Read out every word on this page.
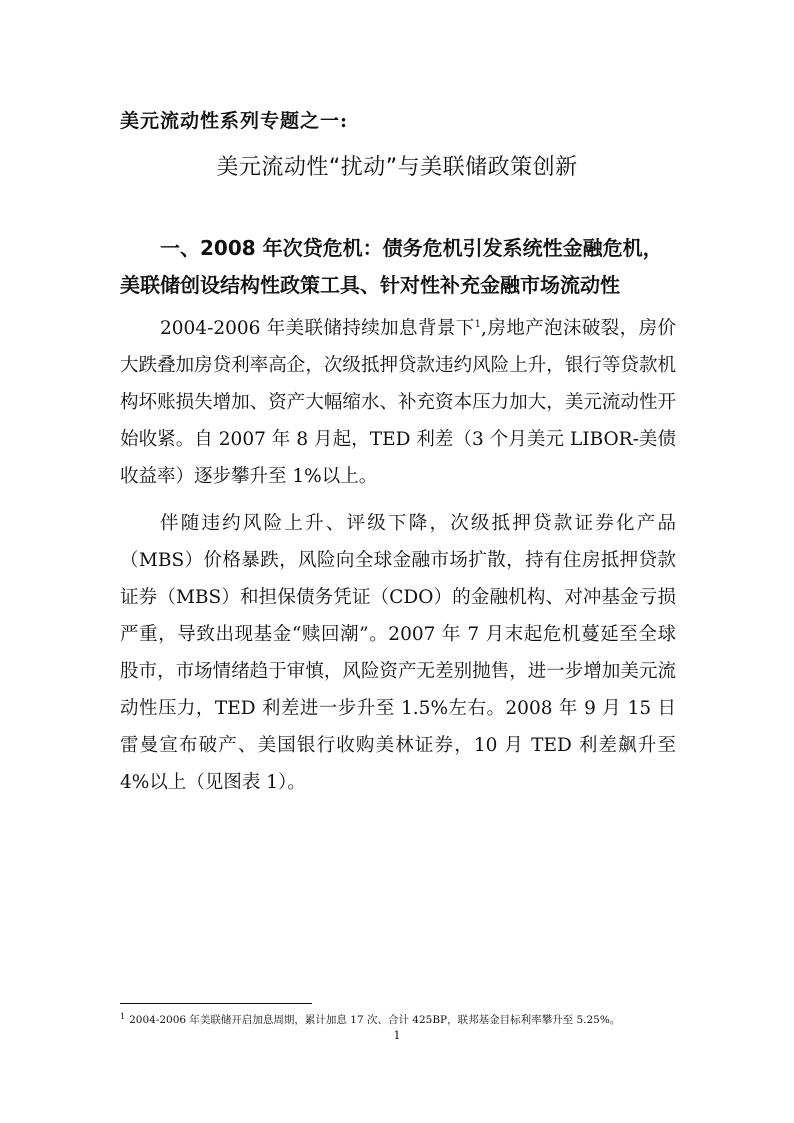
美元流动性系列专题之一:
美元流动性“扰动”与美联储政策创新
一、2008 年次贷危机：债务危机引发系统性金融危机，
美联储创设结构性政策工具、针对性补充金融市场流动性

2004-2006 年美联储持续加息背景下$^1$,房地产泡沫破裂，房价大跌叠加房贷利率高企，次级抵押贷款违约风险上升，银行等贷款机构坏账损失增加、资产大幅缩水、补充资本压力加大，美元流动性开始收紧。自 2007 年 8 月起，TED 利差（3 个月美元 LIBOR-美债收益率）逐步攀升至 1%以上。

伴随违约风险上升、评级下降，次级抵押贷款证券化产品（MBS）价格暴跌，风险向全球金融市场扩散，持有住房抵押贷款证券（MBS）和担保债务凭证（CDO）的金融机构、对冲基金亏损严重，导致出现基金“赎回潮”。2007 年 7 月末起危机蔓延至全球股市，市场情绪趋于审慎，风险资产无差别抛售，进一步增加美元流动性压力，TED 利差进一步升至 1.5%左右。2008 年 9 月 15 日雷曼宣布破产、美国银行收购美林证券，10 月 TED 利差飙升至 4%以上（见图表 1）。

$^1$ 2004-2006 年美联储开启加息周期，累计加息 17 次、合计 425BP，联邦基金目标利率攀升至 5.25%。
1
